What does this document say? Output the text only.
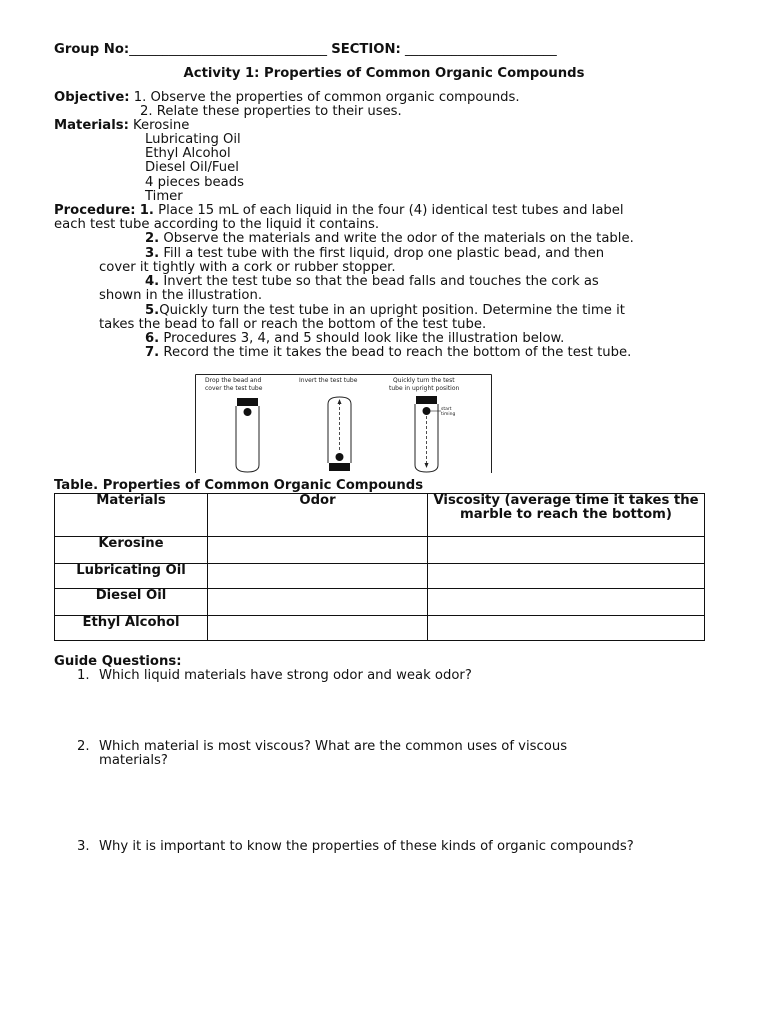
Group No:______________________________ SECTION: _______________________
Activity 1: Properties of Common Organic Compounds
Objective: 1. Observe the properties of common organic compounds.
2. Relate these properties to their uses.
Materials: Kerosine
Lubricating Oil
Ethyl Alcohol
Diesel Oil/Fuel
4 pieces beads
Timer
Procedure: 1. Place 15 mL of each liquid in the four (4) identical test tubes and label
each test tube according to the liquid it contains.
2. Observe the materials and write the odor of the materials on the table.
3. Fill a test tube with the first liquid, drop one plastic bead, and then
cover it tightly with a cork or rubber stopper.
4. Invert the test tube so that the bead falls and touches the cork as
shown in the illustration.
5.Quickly turn the test tube in an upright position. Determine the time it
takes the bead to fall or reach the bottom of the test tube.
6. Procedures 3, 4, and 5 should look like the illustration below.
7. Record the time it takes the bead to reach the bottom of the test tube.
Drop the bead and
cover the test tube
Invert the test tube	Quickly turn the test
tube in upright position
start
timing
Table. Properties of Common Organic Compounds
Materials	Odor	Viscosity (average time it takes the marble to reach the bottom)
Kerosine		
Lubricating Oil		
Diesel Oil		
Ethyl Alcohol		
Guide Questions:
1. Which liquid materials have strong odor and weak odor?
2. Which material is most viscous? What are the common uses of viscous
materials?
3. Why it is important to know the properties of these kinds of organic compounds?
